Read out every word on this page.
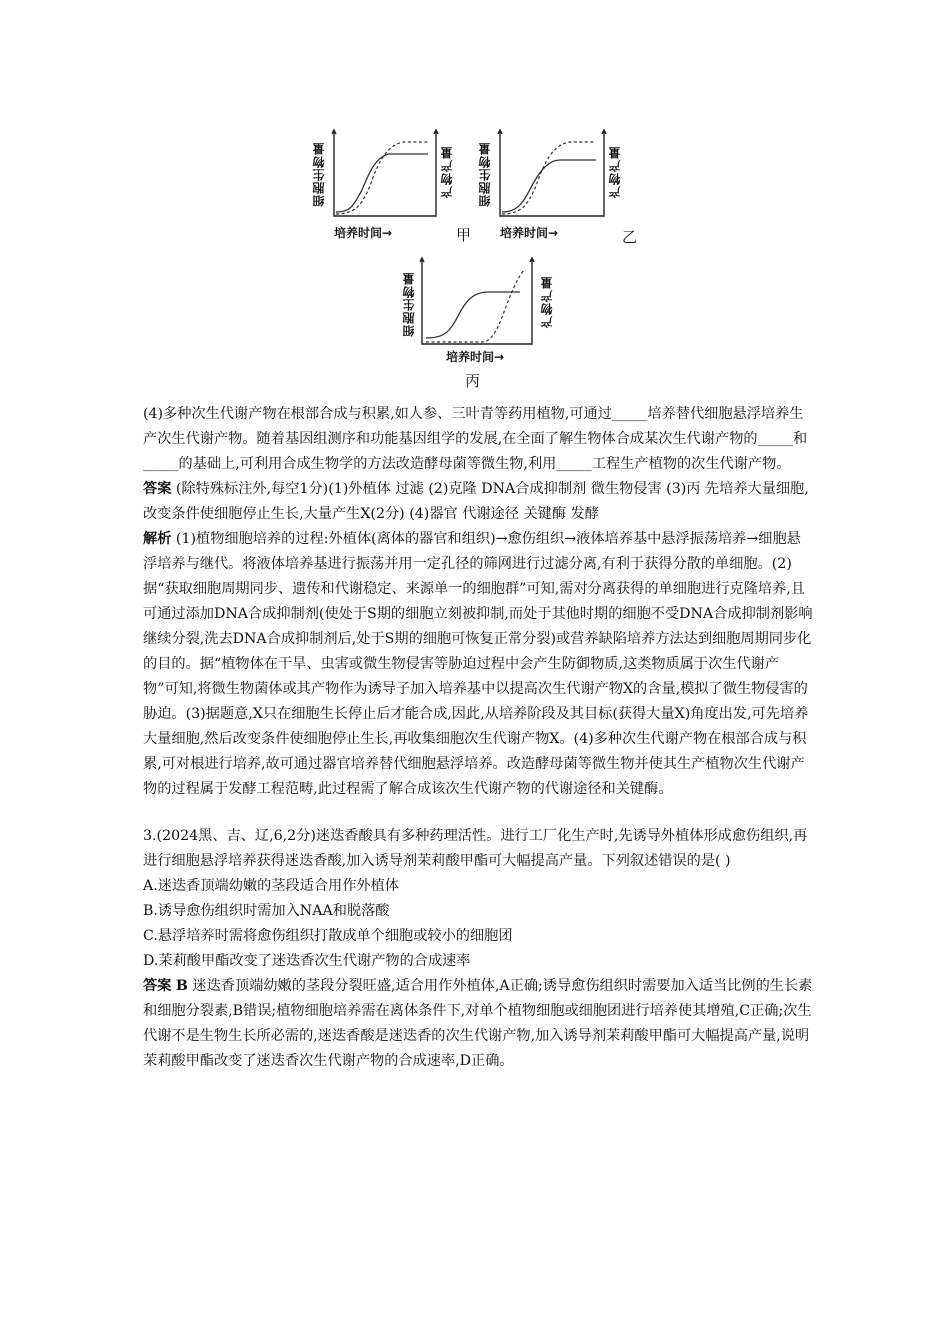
细胞生物量	产物产量
培养时间→	甲
细胞生物量	产物产量
培养时间→	乙
细胞生物量	产物产量
培养时间→
丙

(4)多种次生代谢产物在根部合成与积累,如人参、三叶青等药用植物,可通过_____培养替代细胞悬浮培养生产次生代谢产物。随着基因组测序和功能基因组学的发展,在全面了解生物体合成某次生代谢产物的_____和_____的基础上,可利用合成生物学的方法改造酵母菌等微生物,利用_____工程生产植物的次生代谢产物。

答案 (除特殊标注外,每空1分)(1)外植体 过滤 (2)克隆 DNA合成抑制剂 微生物侵害 (3)丙 先培养大量细胞,改变条件使细胞停止生长,大量产生X(2分) (4)器官 代谢途径 关键酶 发酵

解析 (1)植物细胞培养的过程:外植体(离体的器官和组织)→愈伤组织→液体培养基中悬浮振荡培养→细胞悬浮培养与继代。将液体培养基进行振荡并用一定孔径的筛网进行过滤分离,有利于获得分散的单细胞。(2)据“获取细胞周期同步、遗传和代谢稳定、来源单一的细胞群”可知,需对分离获得的单细胞进行克隆培养,且可通过添加DNA合成抑制剂(使处于S期的细胞立刻被抑制,而处于其他时期的细胞不受DNA合成抑制剂影响继续分裂,洗去DNA合成抑制剂后,处于S期的细胞可恢复正常分裂)或营养缺陷培养方法达到细胞周期同步化的目的。据“植物体在干旱、虫害或微生物侵害等胁迫过程中会产生防御物质,这类物质属于次生代谢产物”可知,将微生物菌体或其产物作为诱导子加入培养基中以提高次生代谢产物X的含量,模拟了微生物侵害的胁迫。(3)据题意,X只在细胞生长停止后才能合成,因此,从培养阶段及其目标(获得大量X)角度出发,可先培养大量细胞,然后改变条件使细胞停止生长,再收集细胞次生代谢产物X。(4)多种次生代谢产物在根部合成与积累,可对根进行培养,故可通过器官培养替代细胞悬浮培养。改造酵母菌等微生物并使其生产植物次生代谢产物的过程属于发酵工程范畴,此过程需了解合成该次生代谢产物的代谢途径和关键酶。

3.(2024黑、吉、辽,6,2分)迷迭香酸具有多种药理活性。进行工厂化生产时,先诱导外植体形成愈伤组织,再进行细胞悬浮培养获得迷迭香酸,加入诱导剂茉莉酸甲酯可大幅提高产量。下列叙述错误的是( )

A.迷迭香顶端幼嫩的茎段适合用作外植体

B.诱导愈伤组织时需加入NAA和脱落酸

C.悬浮培养时需将愈伤组织打散成单个细胞或较小的细胞团

D.茉莉酸甲酯改变了迷迭香次生代谢产物的合成速率

答案 B 迷迭香顶端幼嫩的茎段分裂旺盛,适合用作外植体,A正确;诱导愈伤组织时需要加入适当比例的生长素和细胞分裂素,B错误;植物细胞培养需在离体条件下,对单个植物细胞或细胞团进行培养使其增殖,C正确;次生代谢不是生物生长所必需的,迷迭香酸是迷迭香的次生代谢产物,加入诱导剂茉莉酸甲酯可大幅提高产量,说明茉莉酸甲酯改变了迷迭香次生代谢产物的合成速率,D正确。
